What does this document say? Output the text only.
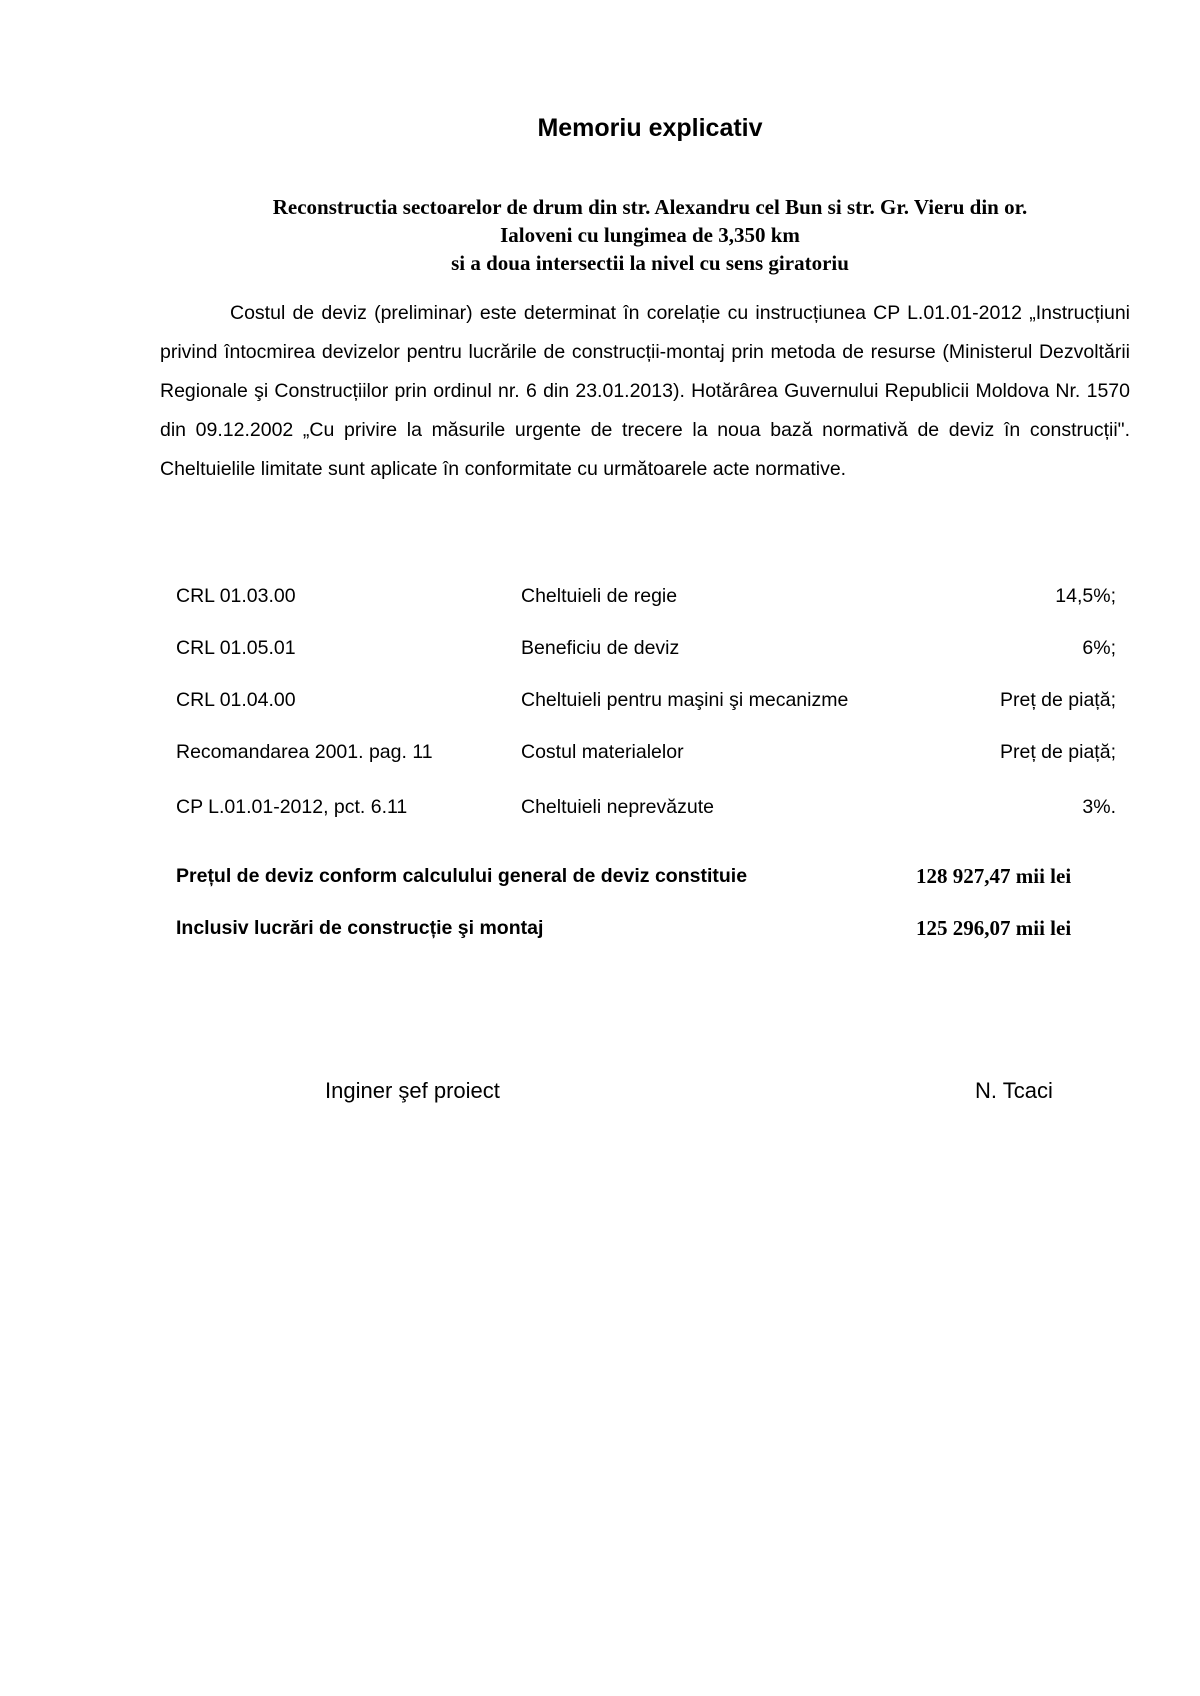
Memoriu explicativ
Reconstructia sectoarelor de drum din str. Alexandru cel Bun si str. Gr. Vieru din or.
Ialoveni cu lungimea de 3,350 km
si a doua intersectii la nivel cu sens giratoriu

Costul de deviz (preliminar) este determinat în corelație cu instrucțiunea CP L.01.01-2012 „Instrucțiuni privind întocmirea devizelor pentru lucrările de construcții-montaj prin metoda de resurse (Ministerul Dezvoltării Regionale şi Construcțiilor prin ordinul nr. 6 din 23.01.2013). Hotărârea Guvernului Republicii Moldova Nr. 1570 din 09.12.2002 „Cu privire la măsurile urgente de trecere la noua bază normativă de deviz în construcții". Cheltuielile limitate sunt aplicate în conformitate cu următoarele acte normative.

CRL 01.03.00	Cheltuieli de regie	14,5%;
CRL 01.05.01	Beneficiu de deviz	6%;
CRL 01.04.00	Cheltuieli pentru maşini şi mecanizme	Preț de piață;
Recomandarea 2001. pag. 11	Costul materialelor	Preț de piață;
CP L.01.01-2012, pct. 6.11	Cheltuieli neprevăzute	3%.
Prețul de deviz conform calculului general de deviz constituie	128 927,47 mii lei
Inclusiv lucrări de construcție şi montaj	125 296,07 mii lei
Inginer şef proiect	N. Tcaci
